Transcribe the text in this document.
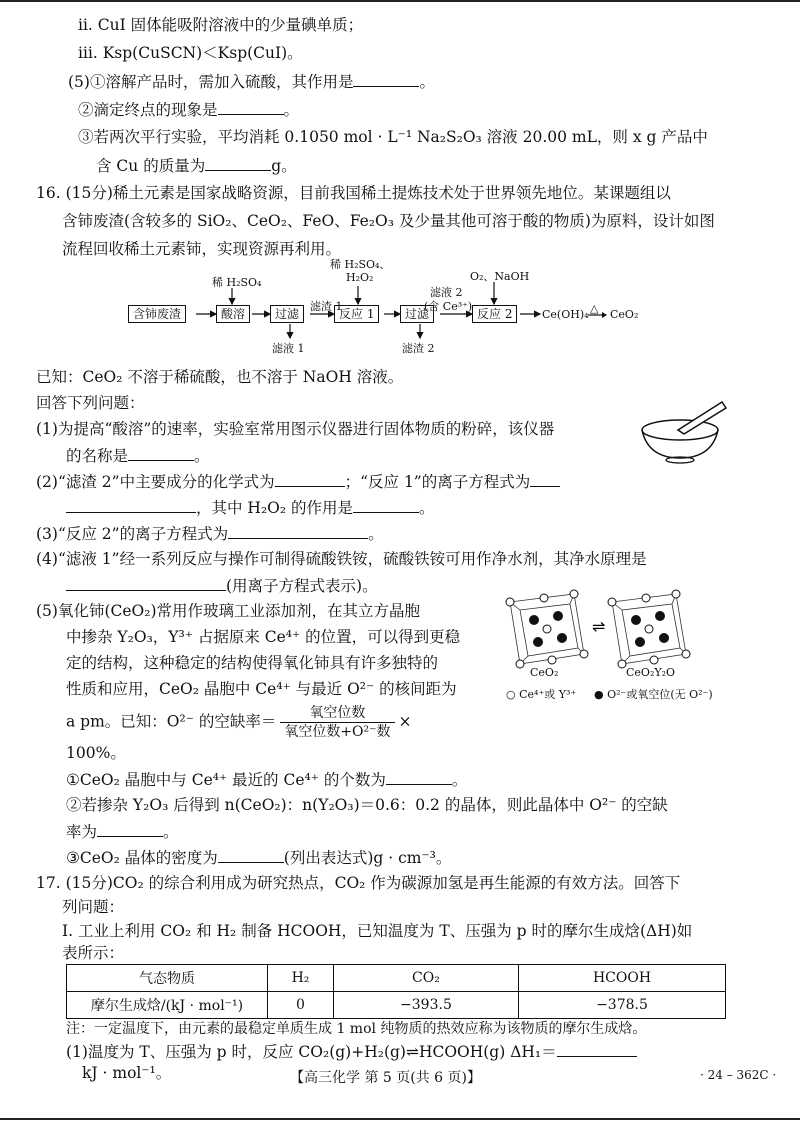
ⅱ. CuI 固体能吸附溶液中的少量碘单质；
ⅲ. Ksp(CuSCN)＜Ksp(CuI)。
(5)①溶解产品时，需加入硫酸，其作用是	。
②滴定终点的现象是	。
③若两次平行实验，平均消耗 0.1050 mol · L⁻¹ Na₂S₂O₃ 溶液 20.00 mL，则 x g 产品中
含 Cu 的质量为	g。
16. (15分)稀土元素是国家战略资源，目前我国稀土提炼技术处于世界领先地位。某课题组以
含铈废渣(含较多的 SiO₂、CeO₂、FeO、Fe₂O₃ 及少量其他可溶于酸的物质)为原料，设计如图
流程回收稀土元素铈，实现资源再利用。
含铈废渣	酸溶	过滤	反应 1	过滤	反应 2
稀 H₂SO₄
稀 H₂SO₄、
H₂O₂	O₂、NaOH
滤渣 1
滤液 2
(含 Ce³⁺)
滤液 1	滤渣 2
Ce(OH)₄ △ CeO₂
已知：CeO₂ 不溶于稀硫酸，也不溶于 NaOH 溶液。
回答下列问题：
(1)为提高“酸溶”的速率，实验室常用图示仪器进行固体物质的粉碎，该仪器
的名称是	。
(2)“滤渣 2”中主要成分的化学式为	；“反应 1”的离子方程式为
，其中 H₂O₂ 的作用是	。
(3)“反应 2”的离子方程式为	。
(4)“滤液 1”经一系列反应与操作可制得硫酸铁铵，硫酸铁铵可用作净水剂，其净水原理是
(用离子方程式表示)。
(5)氧化铈(CeO₂)常用作玻璃工业添加剂，在其立方晶胞
中掺杂 Y₂O₃，Y³⁺ 占据原来 Ce⁴⁺ 的位置，可以得到更稳
定的结构，这种稳定的结构使得氧化铈具有许多独特的
性质和应用，CeO₂ 晶胞中 Ce⁴⁺ 与最近 O²⁻ 的核间距为
a pm。已知：O²⁻ 的空缺率＝ $\frac{\text{氧空位数}}{\text{氧空位数+O²⁻数}}$ ×
100%。
⇌
CeO₂	CeO₂Y₂O
○ Ce⁴⁺或 Y³⁺ ● O²⁻或氧空位(无 O²⁻)
①CeO₂ 晶胞中与 Ce⁴⁺ 最近的 Ce⁴⁺ 的个数为	。
②若掺杂 Y₂O₃ 后得到 n(CeO₂)：n(Y₂O₃)＝0.6：0.2 的晶体，则此晶体中 O²⁻ 的空缺
率为	。
③CeO₂ 晶体的密度为	(列出表达式)g · cm⁻³。
17. (15分)CO₂ 的综合利用成为研究热点，CO₂ 作为碳源加氢是再生能源的有效方法。回答下
列问题：
气态物质	H₂	CO₂	HCOOH
摩尔生成焓/(kJ · mol⁻¹)	0	−393.5	−378.5
Ⅰ. 工业上利用 CO₂ 和 H₂ 制备 HCOOH，已知温度为 T、压强为 p 时的摩尔生成焓(ΔH)如
表所示：
注：一定温度下，由元素的最稳定单质生成 1 mol 纯物质的热效应称为该物质的摩尔生成焓。
(1)温度为 T、压强为 p 时，反应 CO₂(g)+H₂(g)⇌HCOOH(g) ΔH₁＝
【高三化学 第 5 页(共 6 页)】	· 24 – 362C ·
kJ · mol⁻¹。
